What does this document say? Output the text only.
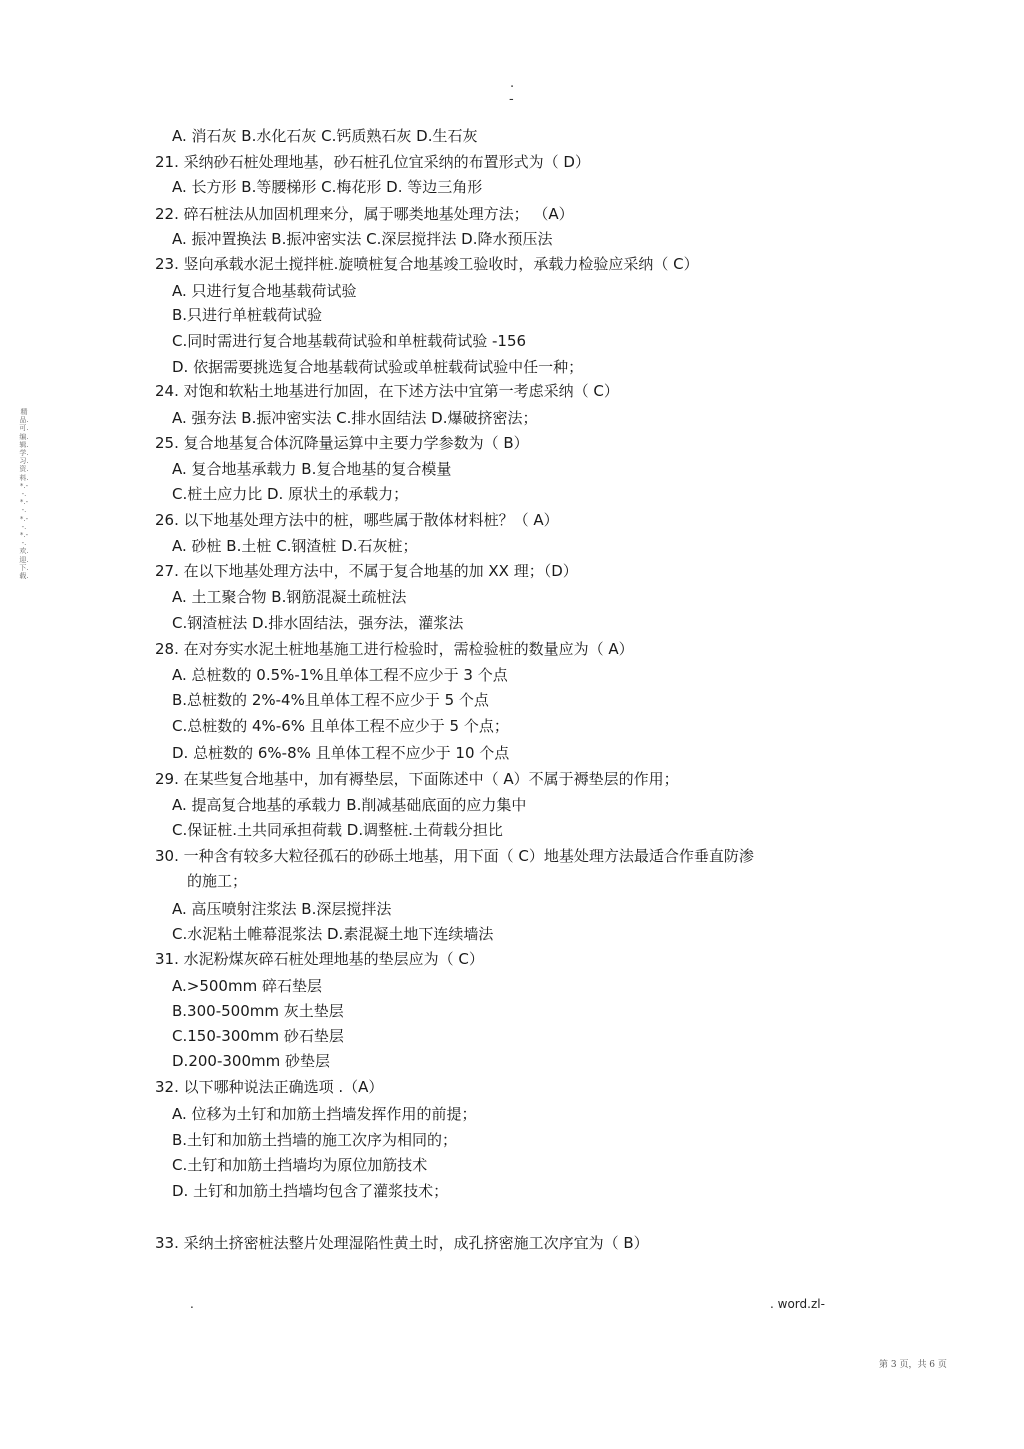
.
-
精品.可.编.辑.学.习.资.料.*.--.*.--.*.--.*.--.欢.迎.下.载.
A. 消石灰 B.水化石灰 C.钙质熟石灰 D.生石灰
21. 采纳砂石桩处理地基，砂石桩孔位宜采纳的布置形式为（ D）
A. 长方形 B.等腰梯形 C.梅花形 D. 等边三角形
22. 碎石桩法从加固机理来分，属于哪类地基处理方法； （A）
A. 振冲置换法 B.振冲密实法 C.深层搅拌法 D.降水预压法
23. 竖向承载水泥土搅拌桩.旋喷桩复合地基竣工验收时，承载力检验应采纳（ C）
A. 只进行复合地基载荷试验
B.只进行单桩载荷试验
C.同时需进行复合地基载荷试验和单桩载荷试验 -156
D. 依据需要挑选复合地基载荷试验或单桩载荷试验中任一种；
24. 对饱和软粘土地基进行加固，在下述方法中宜第一考虑采纳（ C）
A. 强夯法 B.振冲密实法 C.排水固结法 D.爆破挤密法；
25. 复合地基复合体沉降量运算中主要力学参数为（ B）
A. 复合地基承载力 B.复合地基的复合模量
C.桩土应力比 D. 原状土的承载力；
26. 以下地基处理方法中的桩，哪些属于散体材料桩？（ A）
A. 砂桩 B.土桩 C.钢渣桩 D.石灰桩；
27. 在以下地基处理方法中，不属于复合地基的加 XX 理；（D）
A. 土工聚合物 B.钢筋混凝土疏桩法
C.钢渣桩法 D.排水固结法，强夯法，灌浆法
28. 在对夯实水泥土桩地基施工进行检验时，需检验桩的数量应为（ A）
A. 总桩数的 0.5%-1%且单体工程不应少于 3 个点
B.总桩数的 2%-4%且单体工程不应少于 5 个点
C.总桩数的 4%-6% 且单体工程不应少于 5 个点；
D. 总桩数的 6%-8% 且单体工程不应少于 10 个点
29. 在某些复合地基中，加有褥垫层，下面陈述中（ A）不属于褥垫层的作用；
A. 提高复合地基的承载力 B.削减基础底面的应力集中
C.保证桩.土共同承担荷载 D.调整桩.土荷载分担比
30. 一种含有较多大粒径孤石的砂砾土地基，用下面（ C）地基处理方法最适合作垂直防渗
的施工；
A. 高压喷射注浆法 B.深层搅拌法
C.水泥粘土帷幕混浆法 D.素混凝土地下连续墙法
31. 水泥粉煤灰碎石桩处理地基的垫层应为（ C）
A.>500mm 碎石垫层
B.300-500mm 灰土垫层
C.150-300mm 砂石垫层
D.200-300mm 砂垫层
32. 以下哪种说法正确选项 .（A）
A. 位移为土钉和加筋土挡墙发挥作用的前提；
B.土钉和加筋土挡墙的施工次序为相同的；
C.土钉和加筋土挡墙均为原位加筋技术
D. 土钉和加筋土挡墙均包含了灌浆技术；
33. 采纳土挤密桩法整片处理湿陷性黄土时，成孔挤密施工次序宜为（ B）
.	. word.zl-
第 3 页，共 6 页
